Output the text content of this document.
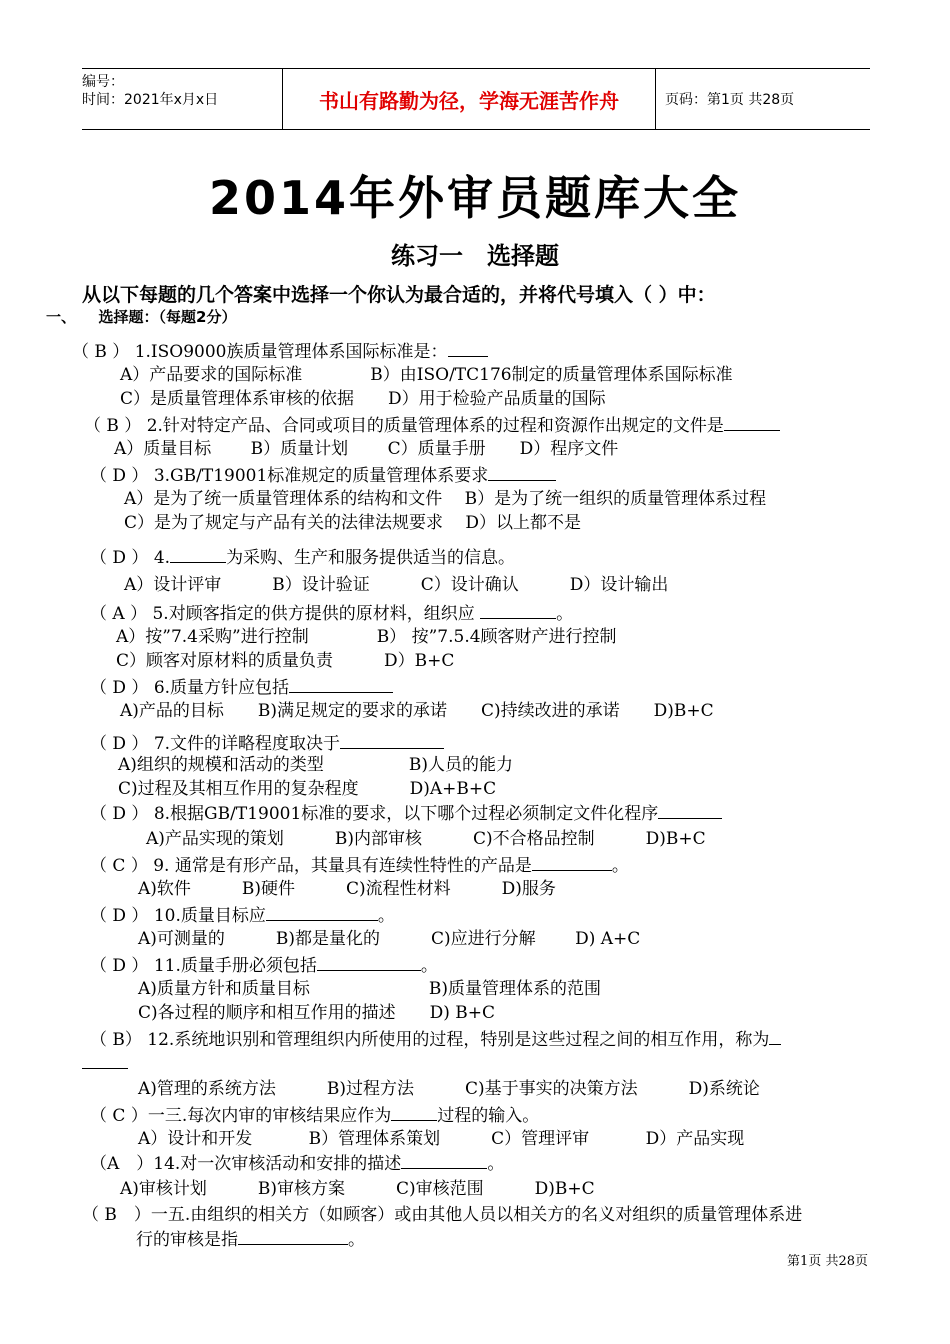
编号：
时间：2021年x月x日	书山有路勤为径，学海无涯苦作舟	页码：第1页 共28页
2014年外审员题库大全
练习一　选择题
从以下每题的几个答案中选择一个你认为最合适的，并将代号填入（ ）中：
一、　　选择题：（每题2分）
（ B ） 1.ISO9000族质量管理体系国际标准是：
A）产品要求的国际标准　　　　B）由ISO/TC176制定的质量管理体系国际标准
C）是质量管理体系审核的依据　　D）用于检验产品质量的国际
（ B ） 2.针对特定产品、合同或项目的质量管理体系的过程和资源作出规定的文件是
A）质量目标　　 B）质量计划　　 C）质量手册　　D）程序文件
（ D ） 3.GB/T19001标准规定的质量管理体系要求
A）是为了统一质量管理体系的结构和文件　 B）是为了统一组织的质量管理体系过程
C）是为了规定与产品有关的法律法规要求　 D）以上都不是
（ D ） 4.	为采购、生产和服务提供适当的信息。
A）设计评审　　　B）设计验证　　　C）设计确认　　　D）设计输出
（ A ） 5.对顾客指定的供方提供的原材料，组织应	。
A）按”7.4采购”进行控制　　　　B） 按”7.5.4顾客财产进行控制
C）顾客对原材料的质量负责　　　D）B+C
（ D ） 6.质量方针应包括
A)产品的目标　　B)满足规定的要求的承诺　　C)持续改进的承诺　　D)B+C
（ D ） 7.文件的详略程度取决于
A)组织的规模和活动的类型　　　　　B)人员的能力
C)过程及其相互作用的复杂程度　　　D)A+B+C
（ D ） 8.根据GB/T19001标准的要求，以下哪个过程必须制定文件化程序
A)产品实现的策划　　　B)内部审核　　　C)不合格品控制　　　D)B+C
（ C ） 9. 通常是有形产品，其量具有连续性特性的产品是	。
A)软件　　　B)硬件　　　C)流程性材料　　　D)服务
（ D ） 10.质量目标应	。
A)可测量的　　　B)都是量化的　　　C)应进行分解　　 D) A+C
（ D ） 11.质量手册必须包括	。
A)质量方针和质量目标　　　　　　　B)质量管理体系的范围
C)各过程的顺序和相互作用的描述　　D) B+C
（ B） 12.系统地识别和管理组织内所使用的过程，特别是这些过程之间的相互作用，称为
A)管理的系统方法　　　B)过程方法　　　C)基于事实的决策方法　　　D)系统论
（ C ）一三.每次内审的审核结果应作为	过程的输入。
A）设计和开发　　　 B）管理体系策划　　　C）管理评审　　　 D）产品实现
（A　）14.对一次审核活动和安排的描述	。
A)审核计划　　　B)审核方案　　　C)审核范围　　　D)B+C
（ B　）一五.由组织的相关方（如顾客）或由其他人员以相关方的名义对组织的质量管理体系进
行的审核是指	。
第1页 共28页
